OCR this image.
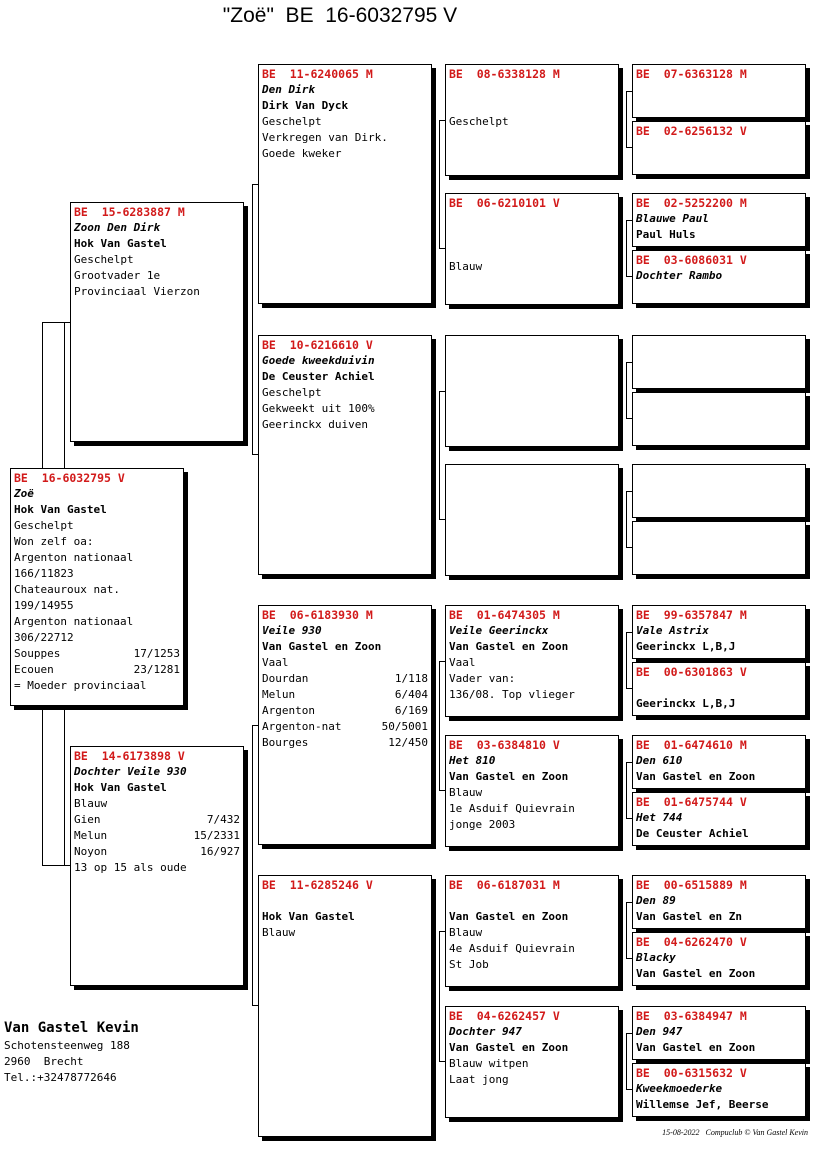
"Zoë"  BE  16-6032795 V
BE  16-6032795 V
Zoë
Hok Van Gastel
Geschelpt
Won zelf oa:
Argenton nationaal
166/11823
Chateauroux nat.
199/14955
Argenton nationaal
306/22712
Souppes	17/1253
Ecouen	23/1281
= Moeder provinciaal
BE  15-6283887 M
Zoon Den Dirk
Hok Van Gastel
Geschelpt
Grootvader 1e
Provinciaal Vierzon
BE  14-6173898 V
Dochter Veile 930
Hok Van Gastel
Blauw
Gien	7/432
Melun	15/2331
Noyon	16/927
13 op 15 als oude
BE  11-6240065 M
Den Dirk
Dirk Van Dyck
Geschelpt
Verkregen van Dirk.
Goede kweker
BE  10-6216610 V
Goede kweekduivin
De Ceuster Achiel
Geschelpt
Gekweekt uit 100%
Geerinckx duiven
BE  06-6183930 M
Veile 930
Van Gastel en Zoon
Vaal
Dourdan	1/118
Melun	6/404
Argenton	6/169
Argenton-nat	50/5001
Bourges	12/450
BE  11-6285246 V

Hok Van Gastel
Blauw
BE  08-6338128 M

Geschelpt
BE  06-6210101 V

Blauw
BE  01-6474305 M
Veile Geerinckx
Van Gastel en Zoon
Vaal
Vader van:
136/08. Top vlieger
BE  03-6384810 V
Het 810
Van Gastel en Zoon
Blauw
1e Asduif Quievrain
jonge 2003
BE  06-6187031 M

Van Gastel en Zoon
Blauw
4e Asduif Quievrain
St Job
BE  04-6262457 V
Dochter 947
Van Gastel en Zoon
Blauw witpen
Laat jong
BE  07-6363128 M
BE  02-6256132 V
BE  02-5252200 M
Blauwe Paul
Paul Huls
BE  03-6086031 V
Dochter Rambo
BE  99-6357847 M
Vale Astrix
Geerinckx L,B,J
BE  00-6301863 V

Geerinckx L,B,J
BE  01-6474610 M
Den 610
Van Gastel en Zoon
BE  01-6475744 V
Het 744
De Ceuster Achiel
BE  00-6515889 M
Den 89
Van Gastel en Zn
BE  04-6262470 V
Blacky
Van Gastel en Zoon
BE  03-6384947 M
Den 947
Van Gastel en Zoon
BE  00-6315632 V
Kweekmoederke
Willemse Jef, Beerse
Van Gastel Kevin
Schotensteenweg 188
2960  Brecht
Tel.:+32478772646
15-08-2022 Compuclub © Van Gastel Kevin
